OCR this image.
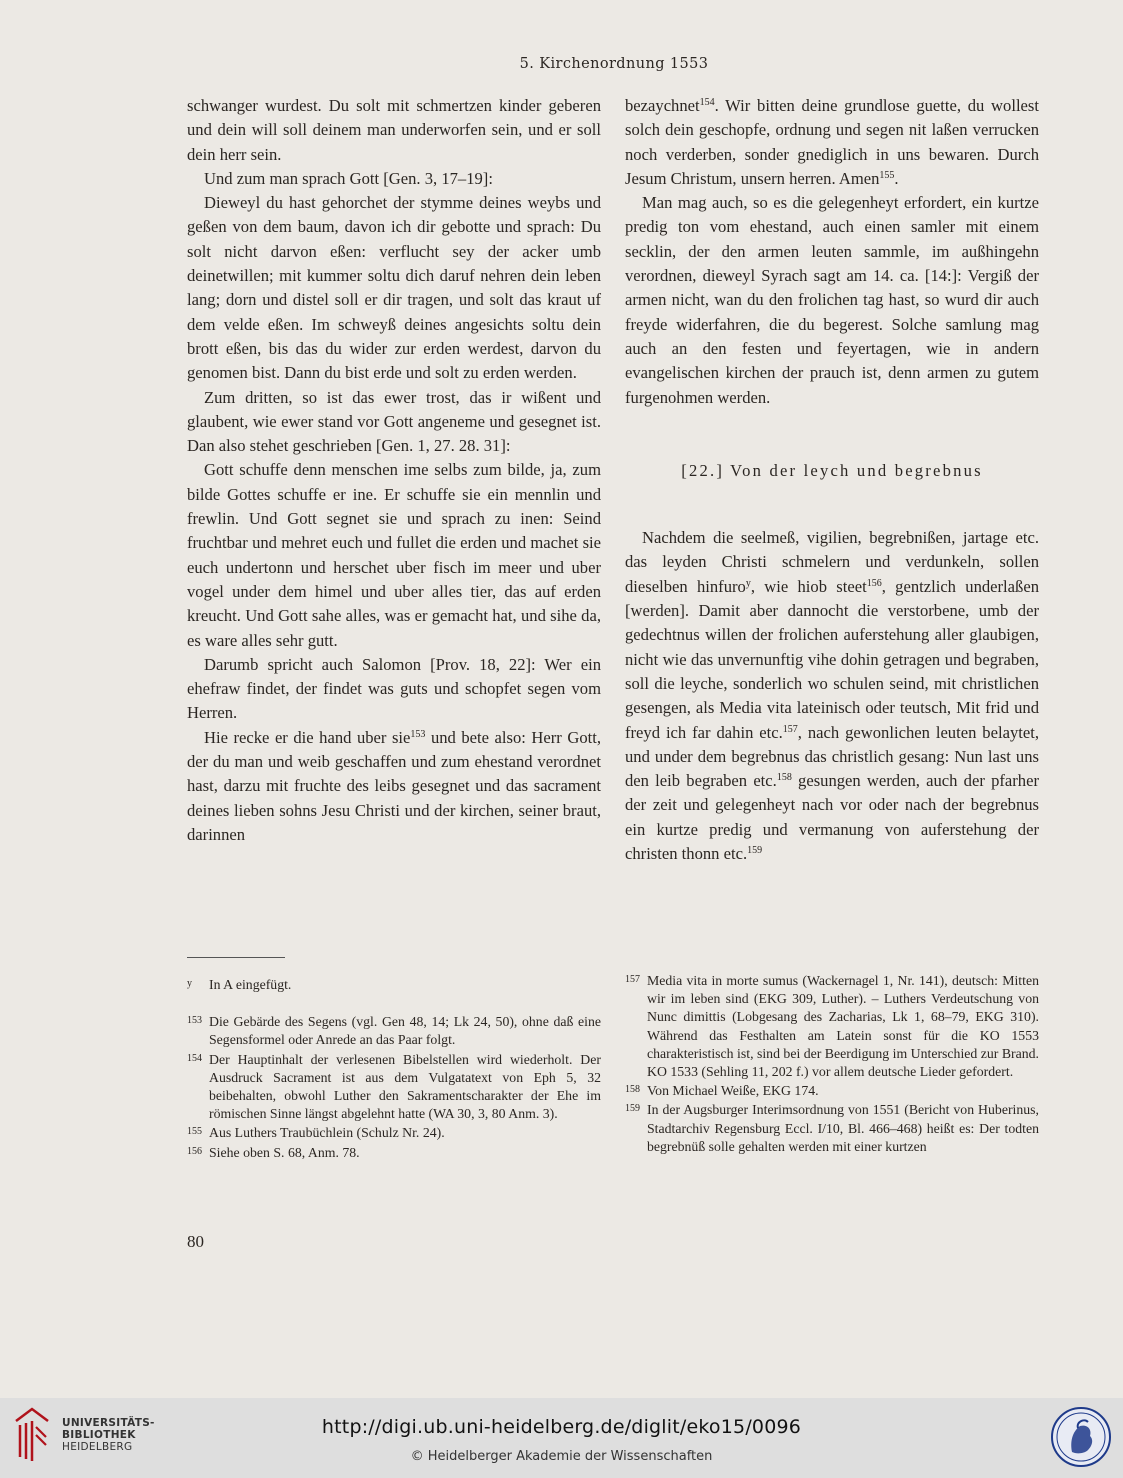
5. Kirchenordnung 1553

schwanger wurdest. Du solt mit schmertzen kinder geberen und dein will soll deinem man underworfen sein, und er soll dein herr sein.

Und zum man sprach Gott [Gen. 3, 17–19]:

Dieweyl du hast gehorchet der stymme deines weybs und geßen von dem baum, davon ich dir gebotte und sprach: Du solt nicht darvon eßen: verflucht sey der acker umb deinetwillen; mit kummer soltu dich daruf nehren dein leben lang; dorn und distel soll er dir tragen, und solt das kraut uf dem velde eßen. Im schweyß deines angesichts soltu dein brott eßen, bis das du wider zur erden werdest, darvon du genomen bist. Dann du bist erde und solt zu erden werden.

Zum dritten, so ist das ewer trost, das ir wißent und glaubent, wie ewer stand vor Gott angeneme und gesegnet ist. Dan also stehet geschrieben [Gen. 1, 27. 28. 31]:

Gott schuffe denn menschen ime selbs zum bilde, ja, zum bilde Gottes schuffe er ine. Er schuffe sie ein mennlin und frewlin. Und Gott segnet sie und sprach zu inen: Seind fruchtbar und mehret euch und fullet die erden und machet sie euch undertonn und herschet uber fisch im meer und uber vogel under dem himel und uber alles tier, das auf erden kreucht. Und Gott sahe alles, was er gemacht hat, und sihe da, es ware alles sehr gutt.

Darumb spricht auch Salomon [Prov. 18, 22]: Wer ein ehefraw findet, der findet was guts und schopfet segen vom Herren.

Hie recke er die hand uber sie$^{153}$ und bete also: Herr Gott, der du man und weib geschaffen und zum ehestand verordnet hast, darzu mit fruchte des leibs gesegnet und das sacrament deines lieben sohns Jesu Christi und der kirchen, seiner braut, darinnen

bezaychnet$^{154}$. Wir bitten deine grundlose guette, du wollest solch dein geschopfe, ordnung und segen nit laßen verrucken noch verderben, sonder gnediglich in uns bewaren. Durch Jesum Christum, unsern herren. Amen$^{155}$.

Man mag auch, so es die gelegenheyt erfordert, ein kurtze predig ton vom ehestand, auch einen samler mit einem secklin, der den armen leuten sammle, im außhingehn verordnen, dieweyl Syrach sagt am 14. ca. [14:]: Vergiß der armen nicht, wan du den frolichen tag hast, so wurd dir auch freyde widerfahren, die du begerest. Solche samlung mag auch an den festen und feyertagen, wie in andern evangelischen kirchen der prauch ist, denn armen zu gutem furgenohmen werden.

[22.] Von der leych und begrebnus

Nachdem die seelmeß, vigilien, begrebnißen, jartage etc. das leyden Christi schmelern und verdunkeln, sollen dieselben hinfuro$^y$, wie hiob steet$^{156}$, gentzlich underlaßen [werden]. Damit aber dannocht die verstorbene, umb der gedechtnus willen der frolichen auferstehung aller glaubigen, nicht wie das unvernunftig vihe dohin getragen und begraben, soll die leyche, sonderlich wo schulen seind, mit christlichen gesengen, als Media vita lateinisch oder teutsch, Mit frid und freyd ich far dahin etc.$^{157}$, nach gewonlichen leuten belaytet, und under dem begrebnus das christlich gesang: Nun last uns den leib begraben etc.$^{158}$ gesungen werden, auch der pfarher der zeit und gelegenheyt nach vor oder nach der begrebnus ein kurtze predig und vermanung von auferstehung der christen thonn etc.$^{159}$

y In A eingefügt.

153 Die Gebärde des Segens (vgl. Gen 48, 14; Lk 24, 50), ohne daß eine Segensformel oder Anrede an das Paar folgt.

154 Der Hauptinhalt der verlesenen Bibelstellen wird wiederholt. Der Ausdruck Sacrament ist aus dem Vulgatatext von Eph 5, 32 beibehalten, obwohl Luther den Sakramentscharakter der Ehe im römischen Sinne längst abgelehnt hatte (WA 30, 3, 80 Anm. 3).

155 Aus Luthers Traubüchlein (Schulz Nr. 24).

156 Siehe oben S. 68, Anm. 78.

157 Media vita in morte sumus (Wackernagel 1, Nr. 141), deutsch: Mitten wir im leben sind (EKG 309, Luther). – Luthers Verdeutschung von Nunc dimittis (Lobgesang des Zacharias, Lk 1, 68–79, EKG 310). Während das Festhalten am Latein sonst für die KO 1553 charakteristisch ist, sind bei der Beerdigung im Unterschied zur Brand. KO 1533 (Sehling 11, 202 f.) vor allem deutsche Lieder gefordert.

158 Von Michael Weiße, EKG 174.

159 In der Augsburger Interimsordnung von 1551 (Bericht von Huberinus, Stadtarchiv Regensburg Eccl. I/10, Bl. 466–468) heißt es: Der todten begrebnüß solle gehalten werden mit einer kurtzen

80
UNIVERSITÄTS-
BIBLIOTHEK
HEIDELBERG
http://digi.ub.uni-heidelberg.de/diglit/eko15/0096
© Heidelberger Akademie der Wissenschaften
